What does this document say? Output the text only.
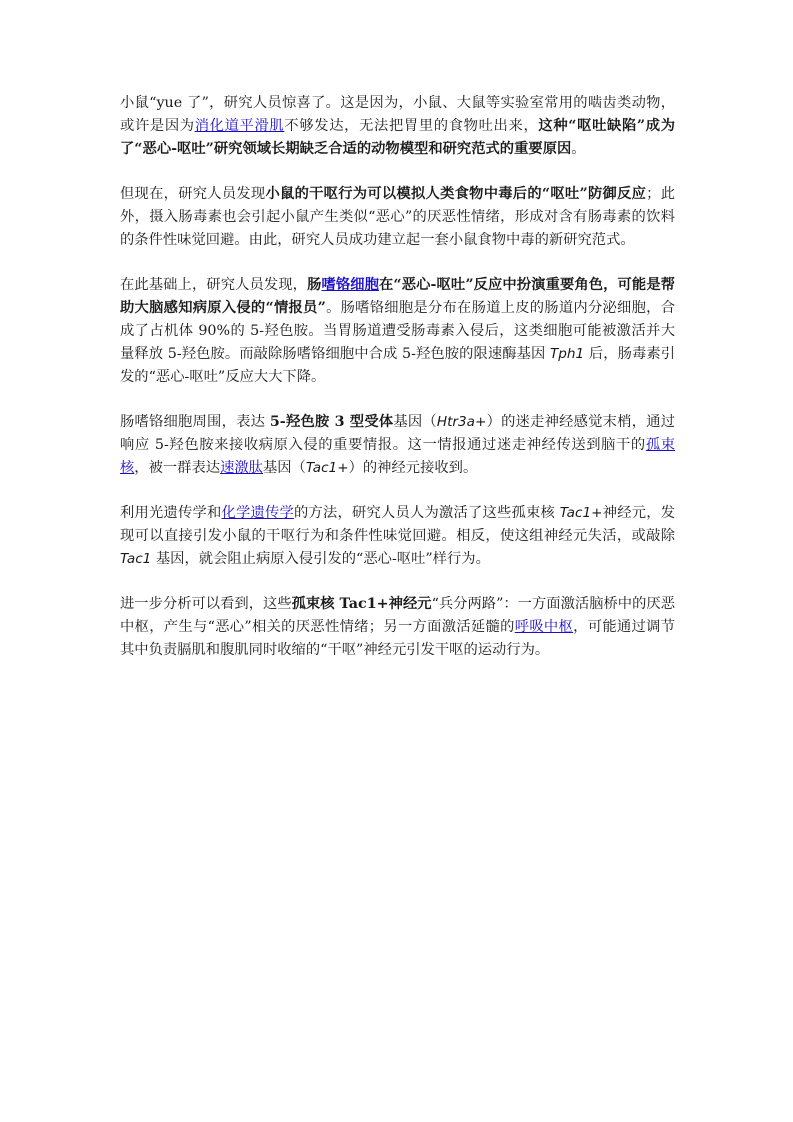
小鼠“yue 了”，研究人员惊喜了。这是因为，小鼠、大鼠等实验室常用的啮齿类动物，或许是因为消化道平滑肌不够发达，无法把胃里的食物吐出来，这种“呕吐缺陷”成为了“恶心-呕吐”研究领域长期缺乏合适的动物模型和研究范式的重要原因。

但现在，研究人员发现小鼠的干呕行为可以模拟人类食物中毒后的“呕吐”防御反应；此外，摄入肠毒素也会引起小鼠产生类似“恶心”的厌恶性情绪，形成对含有肠毒素的饮料的条件性味觉回避。由此，研究人员成功建立起一套小鼠食物中毒的新研究范式。

在此基础上，研究人员发现，肠嗜铬细胞在“恶心-呕吐”反应中扮演重要角色，可能是帮助大脑感知病原入侵的“情报员”。肠嗜铬细胞是分布在肠道上皮的肠道内分泌细胞，合成了占机体 90%的 5-羟色胺。当胃肠道遭受肠毒素入侵后，这类细胞可能被激活并大量释放 5-羟色胺。而敲除肠嗜铬细胞中合成 5-羟色胺的限速酶基因 Tph1 后，肠毒素引发的“恶心-呕吐”反应大大下降。

肠嗜铬细胞周围，表达 5-羟色胺 3 型受体基因（Htr3a+）的迷走神经感觉末梢，通过响应 5-羟色胺来接收病原入侵的重要情报。这一情报通过迷走神经传送到脑干的孤束核，被一群表达速激肽基因（Tac1+）的神经元接收到。

利用光遗传学和化学遗传学的方法，研究人员人为激活了这些孤束核 Tac1+神经元，发现可以直接引发小鼠的干呕行为和条件性味觉回避。相反，使这组神经元失活，或敲除 Tac1 基因，就会阻止病原入侵引发的“恶心-呕吐”样行为。

进一步分析可以看到，这些孤束核 Tac1+神经元“兵分两路”：一方面激活脑桥中的厌恶中枢，产生与“恶心”相关的厌恶性情绪；另一方面激活延髓的呼吸中枢，可能通过调节其中负责膈肌和腹肌同时收缩的“干呕”神经元引发干呕的运动行为。
